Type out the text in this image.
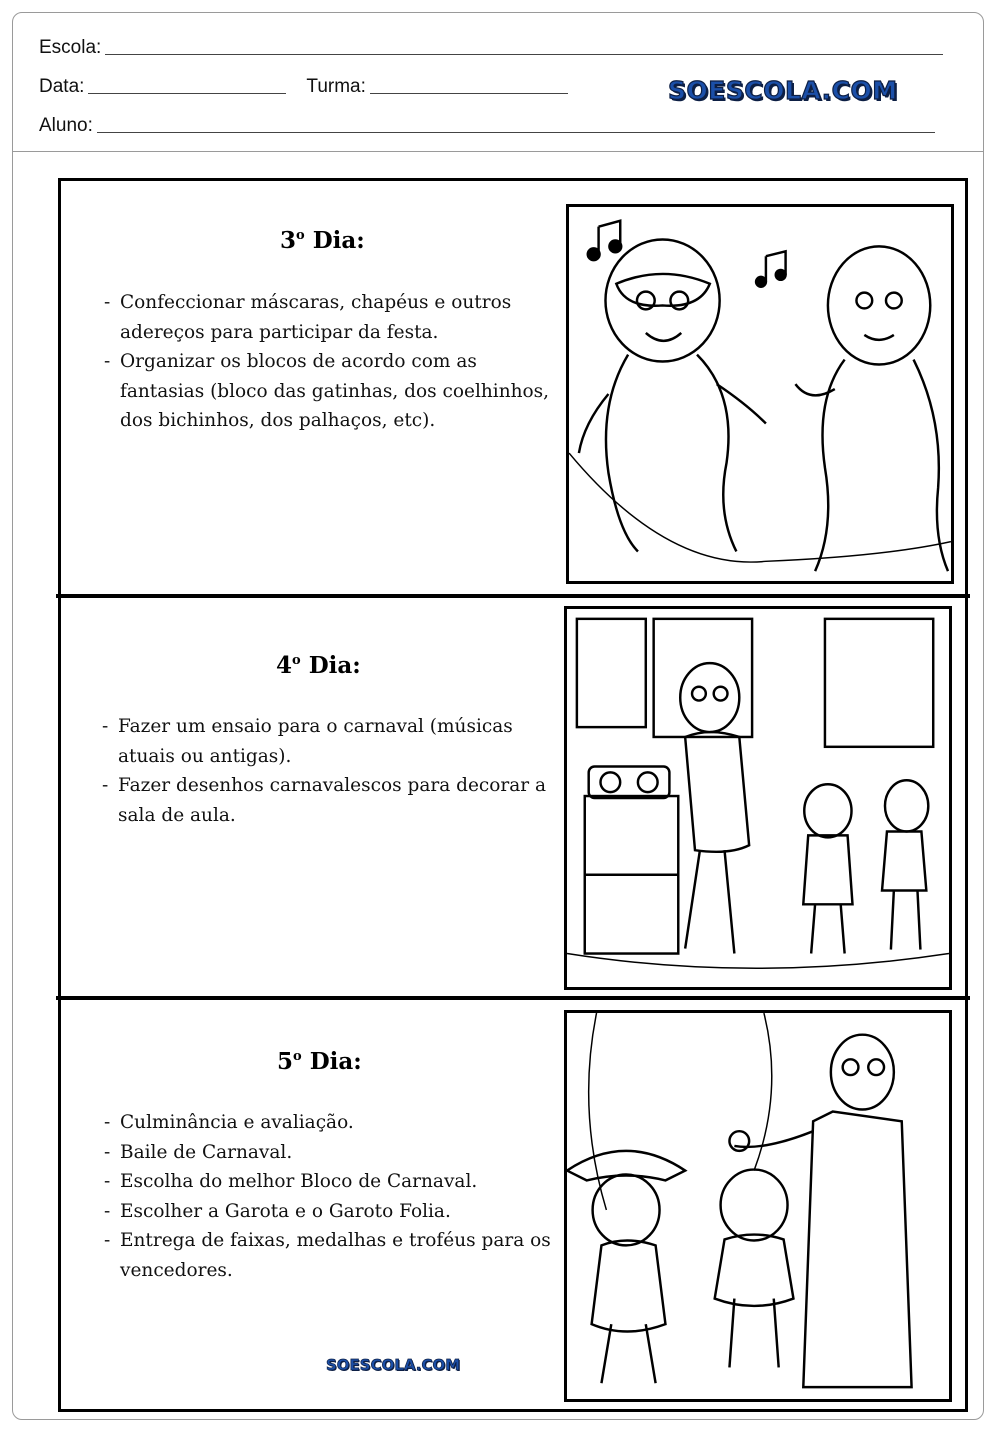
Escola:
Data:	Turma:
Aluno:
SOESCOLA.COM
3$^o$ Dia:
- Confeccionar máscaras, chapéus e outros adereços para participar da festa.
- Organizar os blocos de acordo com as fantasias (bloco das gatinhas, dos coelhinhos, dos bichinhos, dos palhaços, etc).
4$^o$ Dia:
- Fazer um ensaio para o carnaval (músicas atuais ou antigas).
- Fazer desenhos carnavalescos para decorar a sala de aula.
5$^o$ Dia:
- Culminância e avaliação.
- Baile de Carnaval.
- Escolha do melhor Bloco de Carnaval.
- Escolher a Garota e o Garoto Folia.
- Entrega de faixas, medalhas e troféus para os vencedores.
SOESCOLA.COM
